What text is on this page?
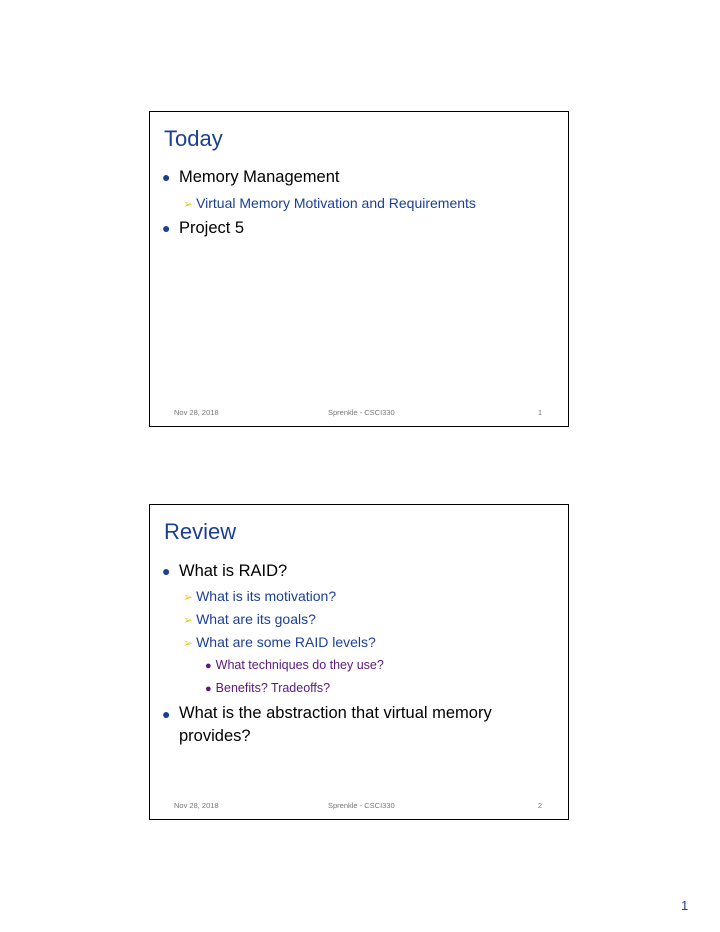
Today
● Memory Management
➢ Virtual Memory Motivation and Requirements
● Project 5
Nov 28, 2018	Sprenkle - CSCI330	1
Review
● What is RAID?
➢ What is its motivation?
➢ What are its goals?
➢ What are some RAID levels?
● What techniques do they use?
● Benefits? Tradeoffs?
● What is the abstraction that virtual memory provides?
Nov 28, 2018	Sprenkle - CSCI330	2
1
